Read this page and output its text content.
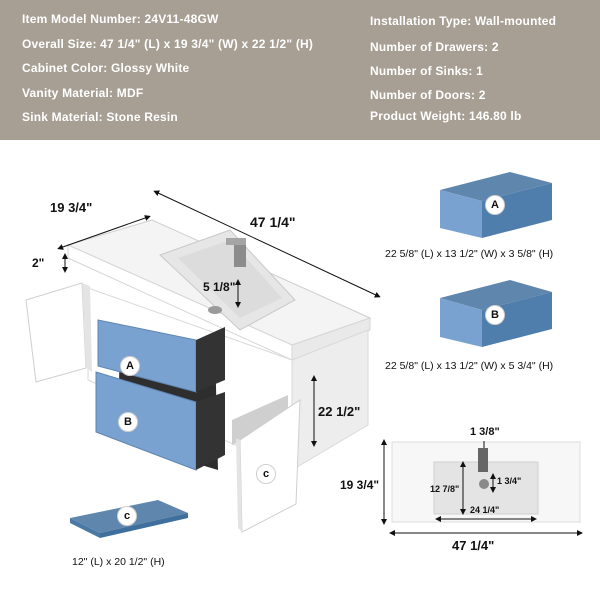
Item Model Number: 24V11-48GW
Overall Size: 47 1/4" (L) x 19 3/4" (W) x 22 1/2" (H)
Cabinet Color: Glossy White
Vanity Material: MDF
Sink Material: Stone Resin
Installation Type: Wall-mounted
Number of Drawers: 2
Number of Sinks: 1
Number of Doors: 2
Product Weight: 146.80 lb
A
B
c
c
A
B
47 1/4"
19 3/4"
2"
5 1/8"
22 1/2"
12" (L) x 20 1/2" (H)
22 5/8" (L) x 13 1/2" (W) x 3 5/8" (H)
22 5/8" (L) x 13 1/2" (W) x 5 3/4" (H)
1 3/8"
19 3/4"	12 7/8"
1 3/4"
24 1/4"
47 1/4"
